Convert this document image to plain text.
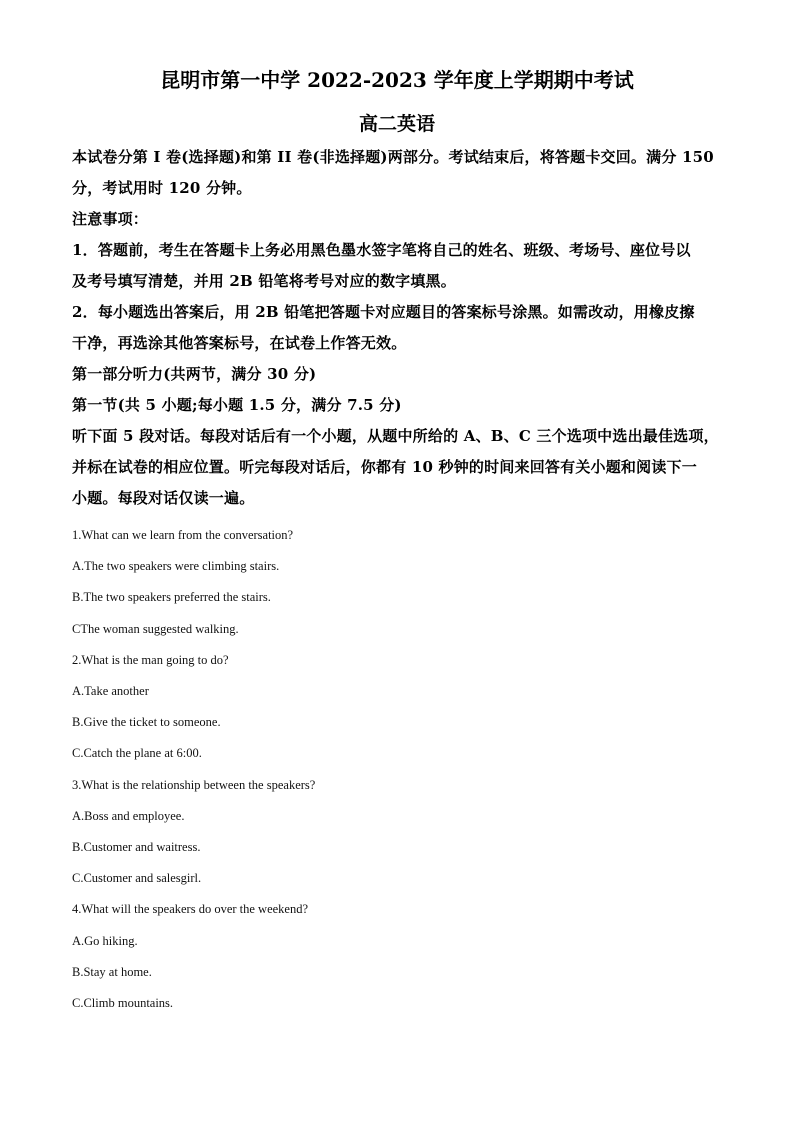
昆明市第一中学 2022-2023 学年度上学期期中考试
高二英语

本试卷分第 I 卷(选择题)和第 II 卷(非选择题)两部分。考试结束后，将答题卡交回。满分 150

分，考试用时 120 分钟。

注意事项：

1．答题前，考生在答题卡上务必用黑色墨水签字笔将自己的姓名、班级、考场号、座位号以

及考号填写清楚，并用 2B 铅笔将考号对应的数字填黑。

2．每小题选出答案后，用 2B 铅笔把答题卡对应题目的答案标号涂黑。如需改动，用橡皮擦

干净，再选涂其他答案标号，在试卷上作答无效。

第一部分听力(共两节，满分 30 分)

第一节(共 5 小题;每小题 1.5 分，满分 7.5 分)

听下面 5 段对话。每段对话后有一个小题，从题中所给的 A、B、C 三个选项中选出最佳选项，

并标在试卷的相应位置。听完每段对话后，你都有 10 秒钟的时间来回答有关小题和阅读下一

小题。每段对话仅读一遍。

1.What can we learn from the conversation?

A.The two speakers were climbing stairs.

B.The two speakers preferred the stairs.

CThe woman suggested walking.

2.What is the man going to do?

A.Take another

B.Give the ticket to someone.

C.Catch the plane at 6:00.

3.What is the relationship between the speakers?

A.Boss and employee.

B.Customer and waitress.

C.Customer and salesgirl.

4.What will the speakers do over the weekend?

A.Go hiking.

B.Stay at home.

C.Climb mountains.
